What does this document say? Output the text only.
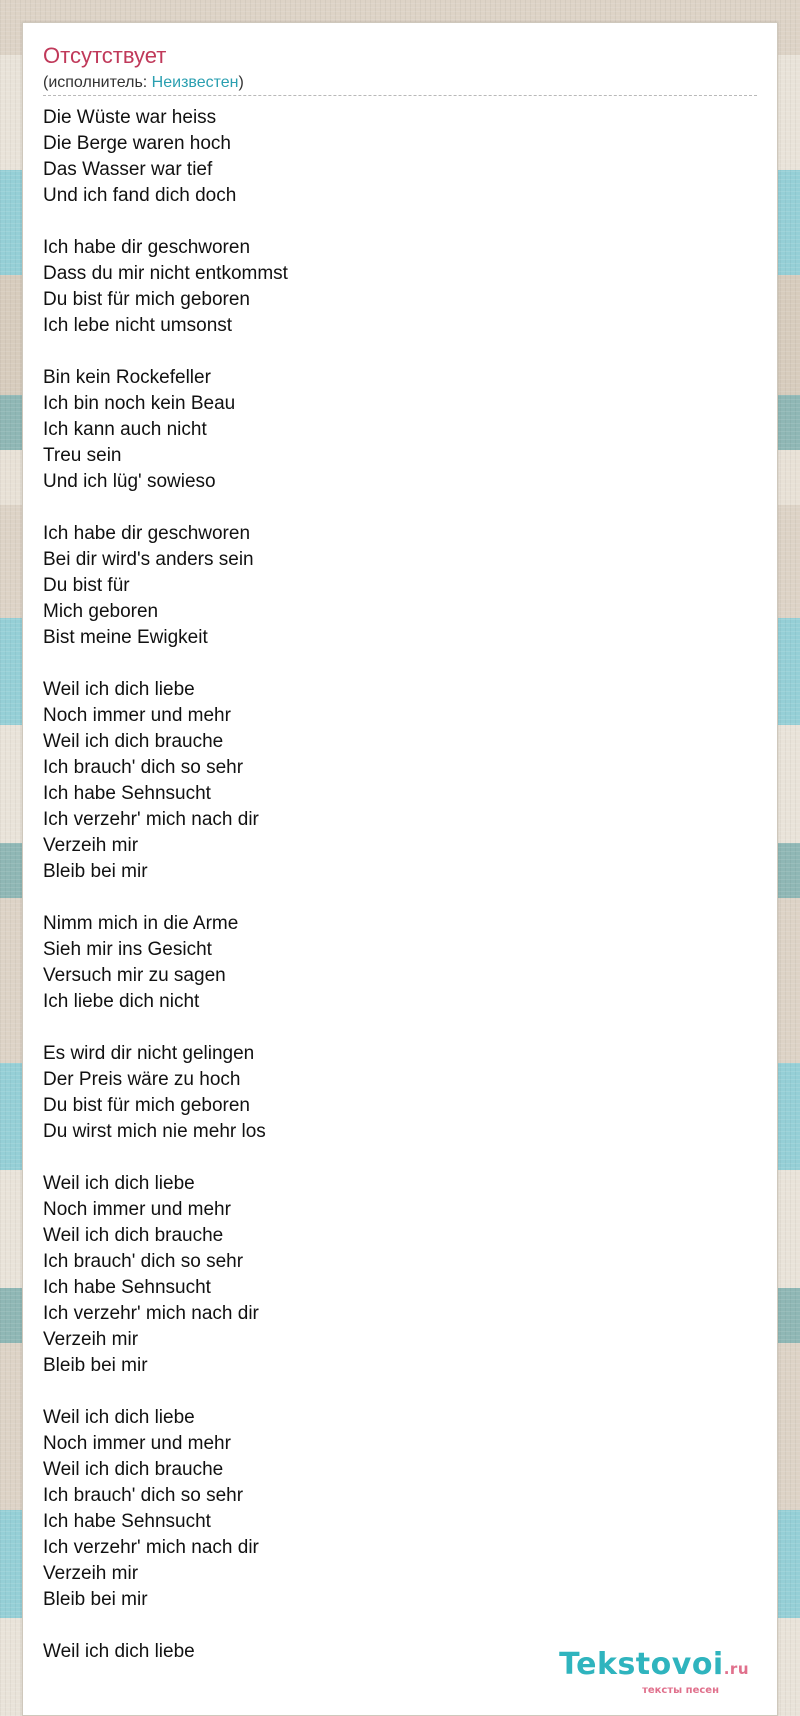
Отсутствует
(исполнитель: Неизвестен)
Die Wüste war heiss
Die Berge waren hoch
Das Wasser war tief
Und ich fand dich doch
Ich habe dir geschworen
Dass du mir nicht entkommst
Du bist für mich geboren
Ich lebe nicht umsonst
Bin kein Rockefeller
Ich bin noch kein Beau
Ich kann auch nicht
Treu sein
Und ich lüg' sowieso
Ich habe dir geschworen
Bei dir wird's anders sein
Du bist für
Mich geboren
Bist meine Ewigkeit
Weil ich dich liebe
Noch immer und mehr
Weil ich dich brauche
Ich brauch' dich so sehr
Ich habe Sehnsucht
Ich verzehr' mich nach dir
Verzeih mir
Bleib bei mir
Nimm mich in die Arme
Sieh mir ins Gesicht
Versuch mir zu sagen
Ich liebe dich nicht
Es wird dir nicht gelingen
Der Preis wäre zu hoch
Du bist für mich geboren
Du wirst mich nie mehr los
Weil ich dich liebe
Noch immer und mehr
Weil ich dich brauche
Ich brauch' dich so sehr
Ich habe Sehnsucht
Ich verzehr' mich nach dir
Verzeih mir
Bleib bei mir
Weil ich dich liebe
Noch immer und mehr
Weil ich dich brauche
Ich brauch' dich so sehr
Ich habe Sehnsucht
Ich verzehr' mich nach dir
Verzeih mir
Bleib bei mir
Weil ich dich liebe	Tekstovoi.ru
тексты песен
